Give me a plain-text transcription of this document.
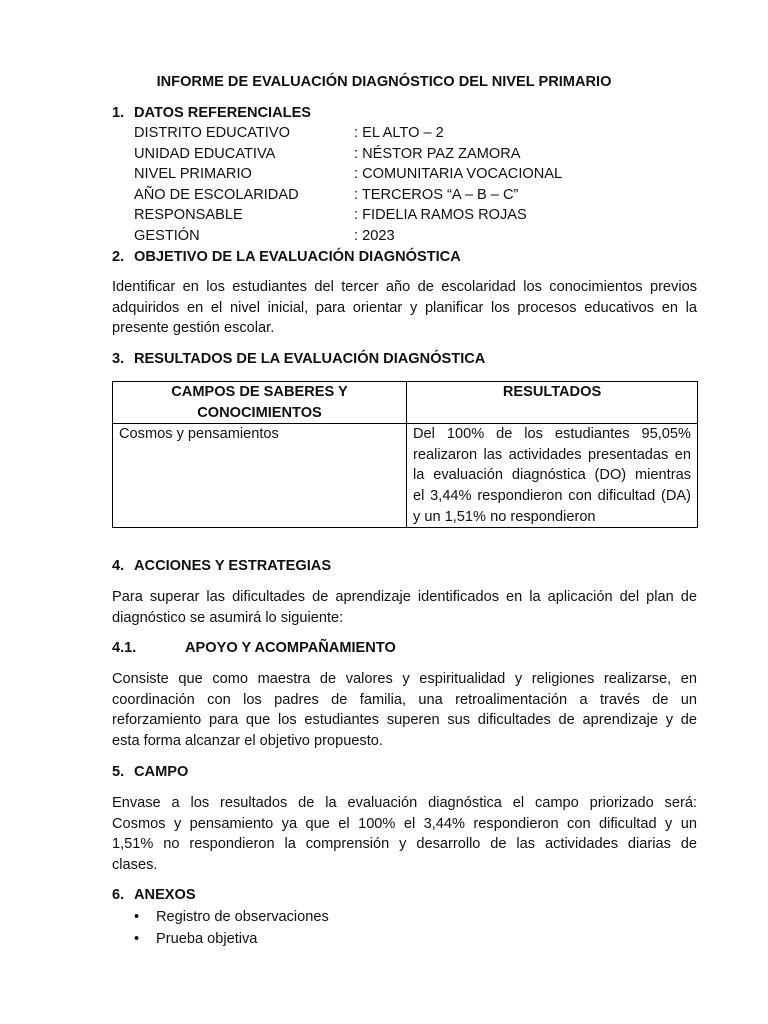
INFORME DE EVALUACIÓN DIAGNÓSTICO DEL NIVEL PRIMARIO
1. DATOS REFERENCIALES
DISTRITO EDUCATIVO	: EL ALTO – 2
UNIDAD EDUCATIVA	: NÉSTOR PAZ ZAMORA
NIVEL PRIMARIO	: COMUNITARIA VOCACIONAL
AÑO DE ESCOLARIDAD	: TERCEROS “A – B – C”
RESPONSABLE	: FIDELIA RAMOS ROJAS
GESTIÓN	: 2023
2. OBJETIVO DE LA EVALUACIÓN DIAGNÓSTICA
Identificar en los estudiantes del tercer año de escolaridad los conocimientos previos
adquiridos en el nivel inicial, para orientar y planificar los procesos educativos en la
presente gestión escolar.
3. RESULTADOS DE LA EVALUACIÓN DIAGNÓSTICA
CAMPOS DE SABERES Y
CONOCIMIENTOS	RESULTADOS
Cosmos y pensamientos	Del 100% de los estudiantes 95,05%
realizaron las actividades presentadas en
la evaluación diagnóstica (DO) mientras
el 3,44% respondieron con dificultad (DA)
y un 1,51% no respondieron
4. ACCIONES Y ESTRATEGIAS
Para superar las dificultades de aprendizaje identificados en la aplicación del plan de
diagnóstico se asumirá lo siguiente:
4.1.	APOYO Y ACOMPAÑAMIENTO
Consiste que como maestra de valores y espiritualidad y religiones realizarse, en
coordinación con los padres de familia, una retroalimentación a través de un
reforzamiento para que los estudiantes superen sus dificultades de aprendizaje y de
esta forma alcanzar el objetivo propuesto.
5. CAMPO
Envase a los resultados de la evaluación diagnóstica el campo priorizado será:
Cosmos y pensamiento ya que el 100% el 3,44% respondieron con dificultad y un
1,51% no respondieron la comprensión y desarrollo de las actividades diarias de
clases.
6. ANEXOS
• Registro de observaciones
• Prueba objetiva
